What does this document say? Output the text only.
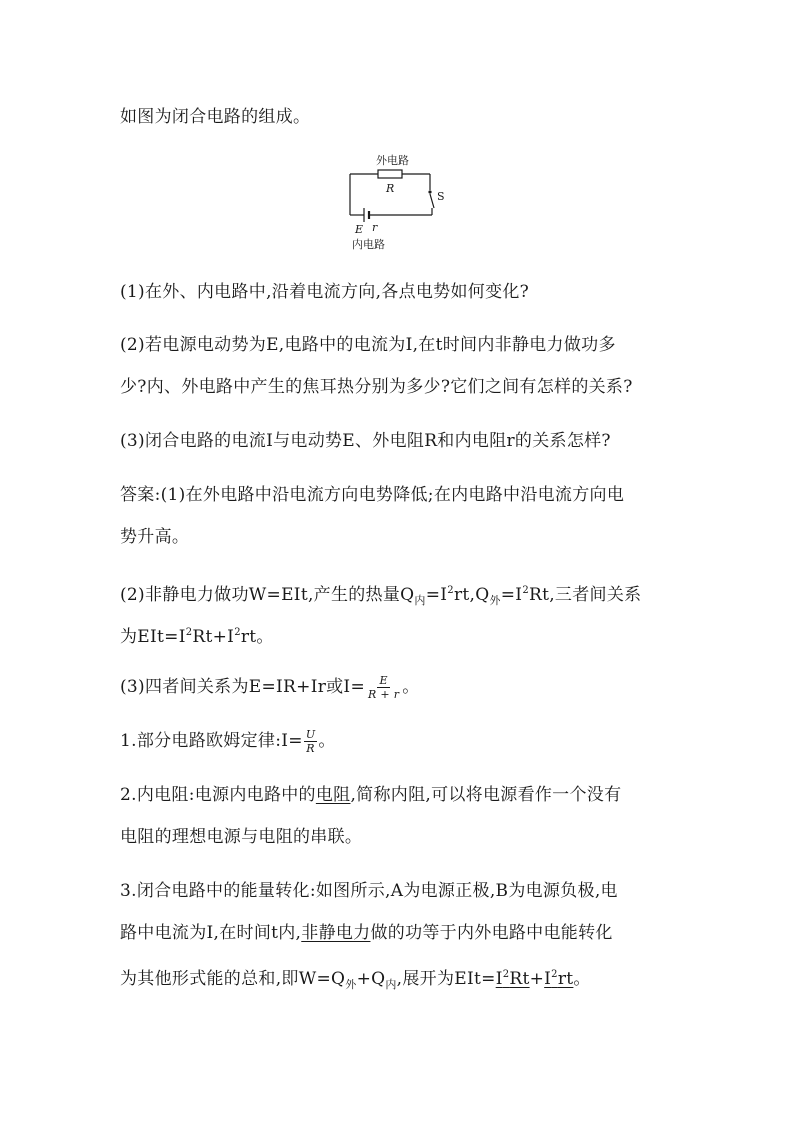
如图为闭合电路的组成。
外电路
R
S
E r
内电路
(1)在外、内电路中,沿着电流方向,各点电势如何变化?
(2)若电源电动势为E,电路中的电流为I,在t时间内非静电力做功多
少?内、外电路中产生的焦耳热分别为多少?它们之间有怎样的关系?
(3)闭合电路的电流I与电动势E、外电阻R和内电阻r的关系怎样?
答案:(1)在外电路中沿电流方向电势降低;在内电路中沿电流方向电
势升高。
(2)非静电力做功W=EIt,产生的热量$Q_内=I^2rt,Q_外=I^2Rt$,三者间关系
为$EIt=I^2Rt+I^2rt$。
(3)四者间关系为E=IR+Ir或$I= \frac{E}{R + r}$ 。
1.部分电路欧姆定律:I= $\frac{U}{R}$ 。
2.内电阻:电源内电路中的电阻,简称内阻,可以将电源看作一个没有
电阻的理想电源与电阻的串联。
3.闭合电路中的能量转化:如图所示,A为电源正极,B为电源负极,电
路中电流为I,在时间t内,非静电力做的功等于内外电路中电能转化
为其他形式能的总和,即$W=Q_外+Q_内$,展开为$EIt=I^2Rt+I^2rt$。
